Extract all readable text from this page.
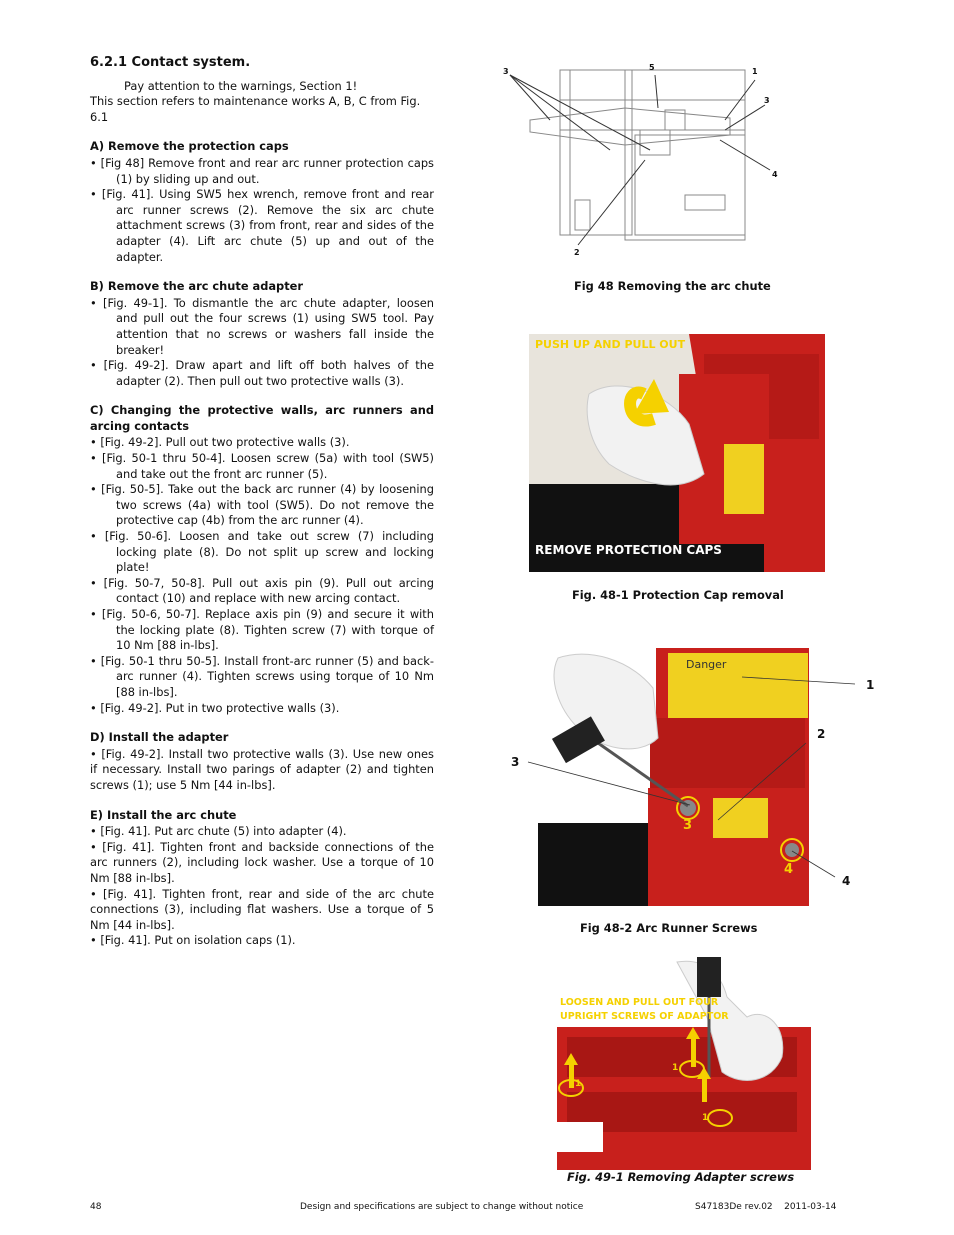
6.2.1 Contact system.

Pay attention to the warnings, Section 1!

This section refers to maintenance works A, B, C from Fig. 6.1

A) Remove the protection caps
• [Fig 48] Remove front and rear arc runner protection caps (1) by sliding up and out.
• [Fig. 41]. Using SW5 hex wrench, remove front and rear arc runner screws (2). Remove the six arc chute attachment screws (3) from front, rear and sides of the adapter (4). Lift arc chute (5) up and out of the adapter.
B) Remove the arc chute adapter
• [Fig. 49-1]. To dismantle the arc chute adapter, loosen and pull out the four screws (1) using SW5 tool. Pay attention that no screws or washers fall inside the breaker!
• [Fig. 49-2]. Draw apart and lift off both halves of the adapter (2). Then pull out two protective walls (3).
C) Changing the protective walls, arc runners and arcing contacts
• [Fig. 49-2]. Pull out two protective walls (3).
• [Fig. 50-1 thru 50-4]. Loosen screw (5a) with tool (SW5) and take out the front arc runner (5).
• [Fig. 50-5]. Take out the back arc runner (4) by loosening two screws (4a) with tool (SW5). Do not remove the protective cap (4b) from the arc runner (4).
• [Fig. 50-6]. Loosen and take out screw (7) including locking plate (8). Do not split up screw and locking plate!
• [Fig. 50-7, 50-8]. Pull out axis pin (9). Pull out arcing contact (10) and replace with new arcing contact.
• [Fig. 50-6, 50-7]. Replace axis pin (9) and secure it with the locking plate (8). Tighten screw (7) with torque of 10 Nm [88 in-lbs].
• [Fig. 50-1 thru 50-5]. Install front-arc runner (5) and back-arc runner (4). Tighten screws using torque of 10 Nm [88 in-lbs].
• [Fig. 49-2]. Put in two protective walls (3).
D) Install the adapter
• [Fig. 49-2]. Install two protective walls (3). Use new ones if necessary. Install two parings of adapter (2) and tighten screws (1); use 5 Nm [44 in-lbs].
E) Install the arc chute
• [Fig. 41]. Put arc chute (5) into adapter (4).
• [Fig. 41]. Tighten front and backside connections of the arc runners (2), including lock washer. Use a torque of 10 Nm [88 in-lbs].
• [Fig. 41]. Tighten front, rear and side of the arc chute connections (3), including flat washers. Use a torque of 5 Nm [44 in-lbs].
• [Fig. 41]. Put on isolation caps (1).
3	5	1
3
4
2
Fig 48 Removing the arc chute
PUSH UP AND PULL OUT
REMOVE PROTECTION CAPS
Fig. 48-1 Protection Cap removal
Danger
3
4
1
2
3
4
Fig 48-2 Arc Runner Screws
LOOSEN AND PULL OUT FOUR
UPRIGHT SCREWS OF ADAPTOR
1
1
1
Fig. 49-1 Removing Adapter screws
48	Design and specifications are subject to change without notice	S47183De rev.02    2011-03-14
